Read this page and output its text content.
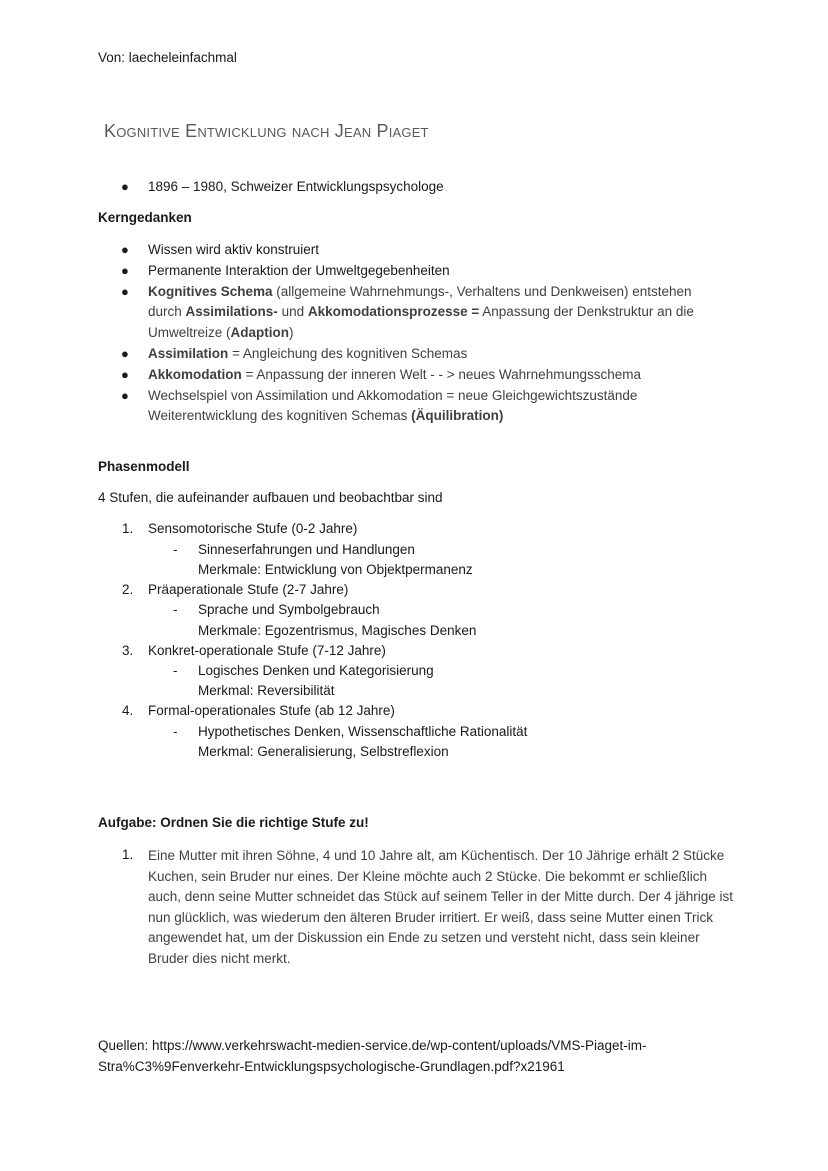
Von: laecheleinfachmal
Kognitive Entwicklung nach Jean Piaget
● 1896 – 1980, Schweizer Entwicklungspsychologe
Kerngedanken
● Wissen wird aktiv konstruiert
● Permanente Interaktion der Umweltgegebenheiten
● Kognitives Schema (allgemeine Wahrnehmungs-, Verhaltens und Denkweisen) entstehen
durch Assimilations- und Akkomodationsprozesse = Anpassung der Denkstruktur an die
Umweltreize (Adaption)
● Assimilation = Angleichung des kognitiven Schemas
● Akkomodation = Anpassung der inneren Welt - - > neues Wahrnehmungsschema
● Wechselspiel von Assimilation und Akkomodation = neue Gleichgewichtszustände
Weiterentwicklung des kognitiven Schemas (Äquilibration)
Phasenmodell
4 Stufen, die aufeinander aufbauen und beobachtbar sind
1. Sensomotorische Stufe (0-2 Jahre)
- Sinneserfahrungen und Handlungen
Merkmale: Entwicklung von Objektpermanenz
2. Präaperationale Stufe (2-7 Jahre)
- Sprache und Symbolgebrauch
Merkmale: Egozentrismus, Magisches Denken
3. Konkret-operationale Stufe (7-12 Jahre)
- Logisches Denken und Kategorisierung
Merkmal: Reversibilität
4. Formal-operationales Stufe (ab 12 Jahre)
- Hypothetisches Denken, Wissenschaftliche Rationalität
Merkmal: Generalisierung, Selbstreflexion
Aufgabe: Ordnen Sie die richtige Stufe zu!
1. Eine Mutter mit ihren Söhne, 4 und 10 Jahre alt, am Küchentisch. Der 10 Jährige erhält 2 Stücke Kuchen, sein Bruder nur eines. Der Kleine möchte auch 2 Stücke. Die bekommt er schließlich auch, denn seine Mutter schneidet das Stück auf seinem Teller in der Mitte durch. Der 4 jährige ist nun glücklich, was wiederum den älteren Bruder irritiert. Er weiß, dass seine Mutter einen Trick angewendet hat, um der Diskussion ein Ende zu setzen und versteht nicht, dass sein kleiner Bruder dies nicht merkt.
Quellen: https://www.verkehrswacht-medien-service.de/wp-content/uploads/VMS-Piaget-im-
Stra%C3%9Fenverkehr-Entwicklungspsychologische-Grundlagen.pdf?x21961
